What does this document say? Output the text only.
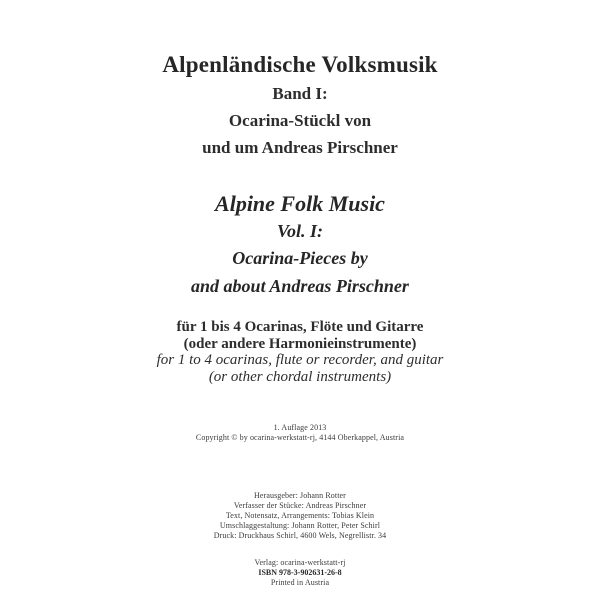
Alpenländische Volksmusik

Band I:

Ocarina-Stückl von

und um Andreas Pirschner

Alpine Folk Music

Vol. I:

Ocarina-Pieces by

and about Andreas Pirschner

für 1 bis 4 Ocarinas, Flöte und Gitarre

(oder andere Harmonieinstrumente)

for 1 to 4 ocarinas, flute or recorder, and guitar

(or other chordal instruments)

1. Auflage 2013

Copyright © by ocarina-werkstatt-rj, 4144 Oberkappel, Austria

Herausgeber: Johann Rotter

Verfasser der Stücke: Andreas Pirschner

Text, Notensatz, Arrangements: Tobias Klein

Umschlaggestaltung: Johann Rotter, Peter Schirl

Druck: Druckhaus Schirl, 4600 Wels, Negrellistr. 34

Verlag: ocarina-werkstatt-rj

ISBN 978-3-902631-26-8

Printed in Austria
